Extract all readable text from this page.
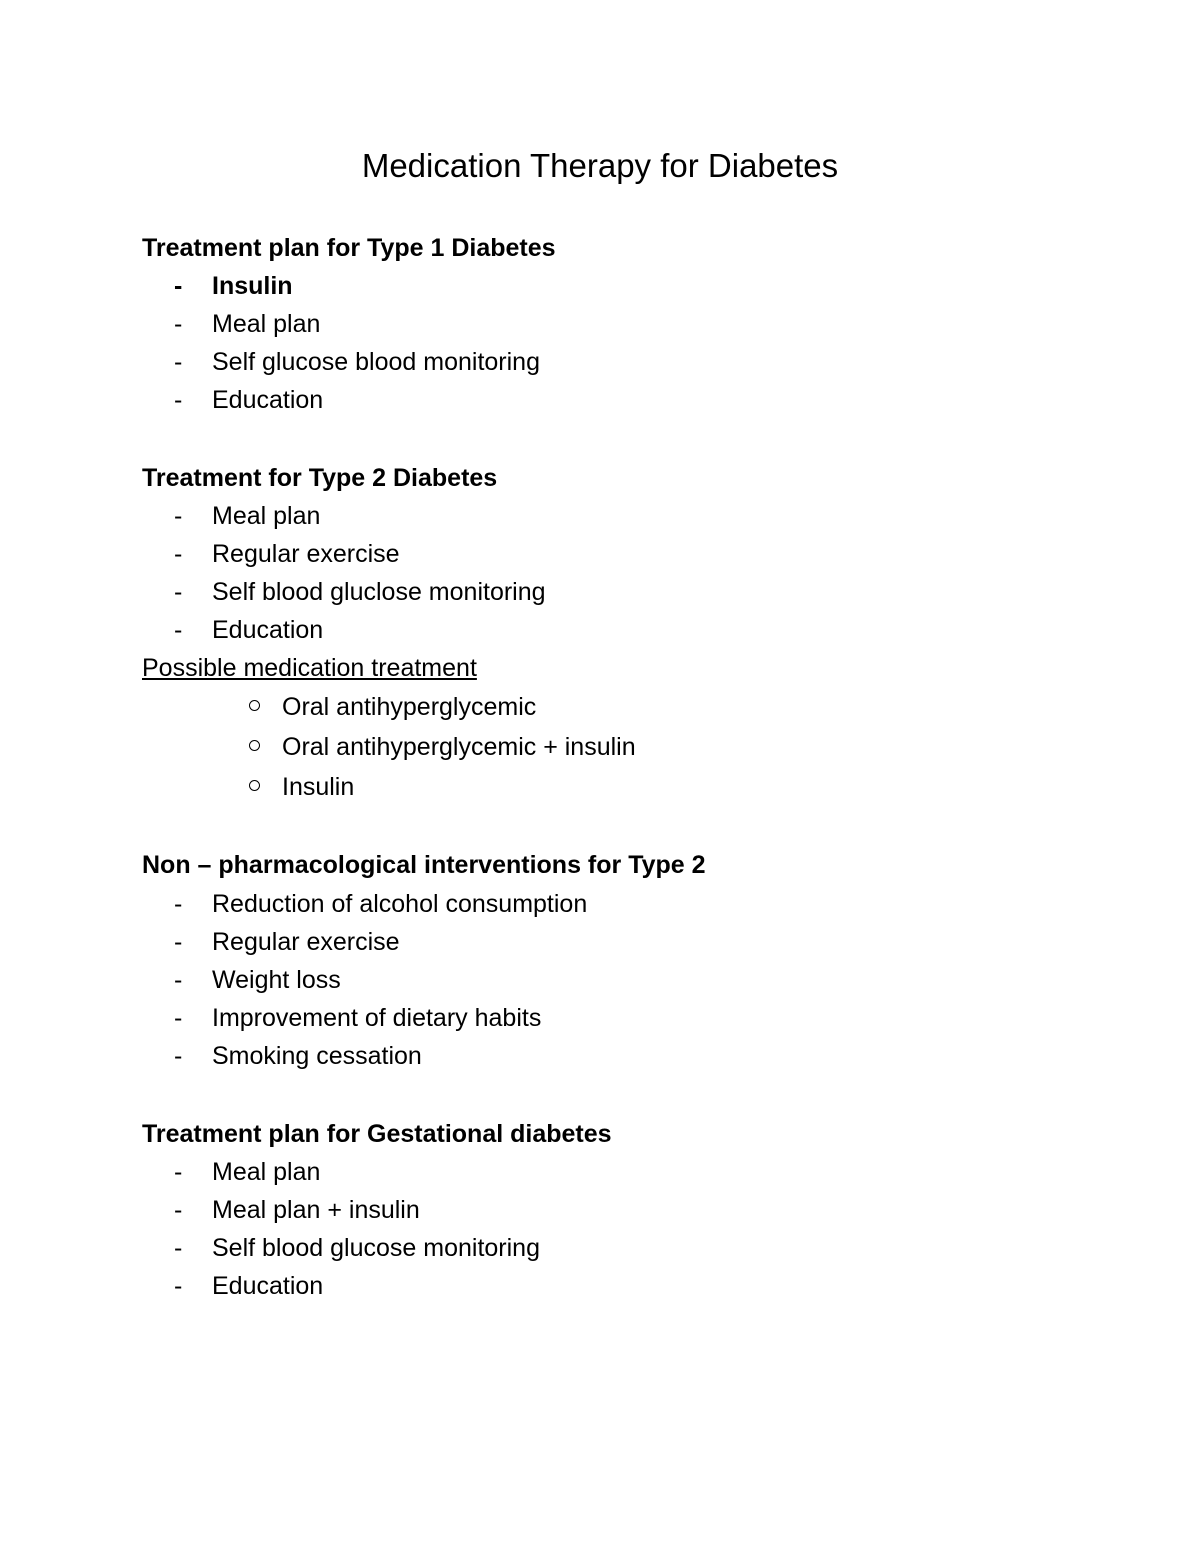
Medication Therapy for Diabetes
Treatment plan for Type 1 Diabetes
-	Insulin
-	Meal plan
-	Self glucose blood monitoring
-	Education
Treatment for Type 2 Diabetes
-	Meal plan
-	Regular exercise
-	Self blood gluclose monitoring
-	Education
Possible medication treatment
Oral antihyperglycemic
Oral antihyperglycemic + insulin
Insulin
Non – pharmacological interventions for Type 2
-	Reduction of alcohol consumption
-	Regular exercise
-	Weight loss
-	Improvement of dietary habits
-	Smoking cessation
Treatment plan for Gestational diabetes
-	Meal plan
-	Meal plan + insulin
-	Self blood glucose monitoring
-	Education
